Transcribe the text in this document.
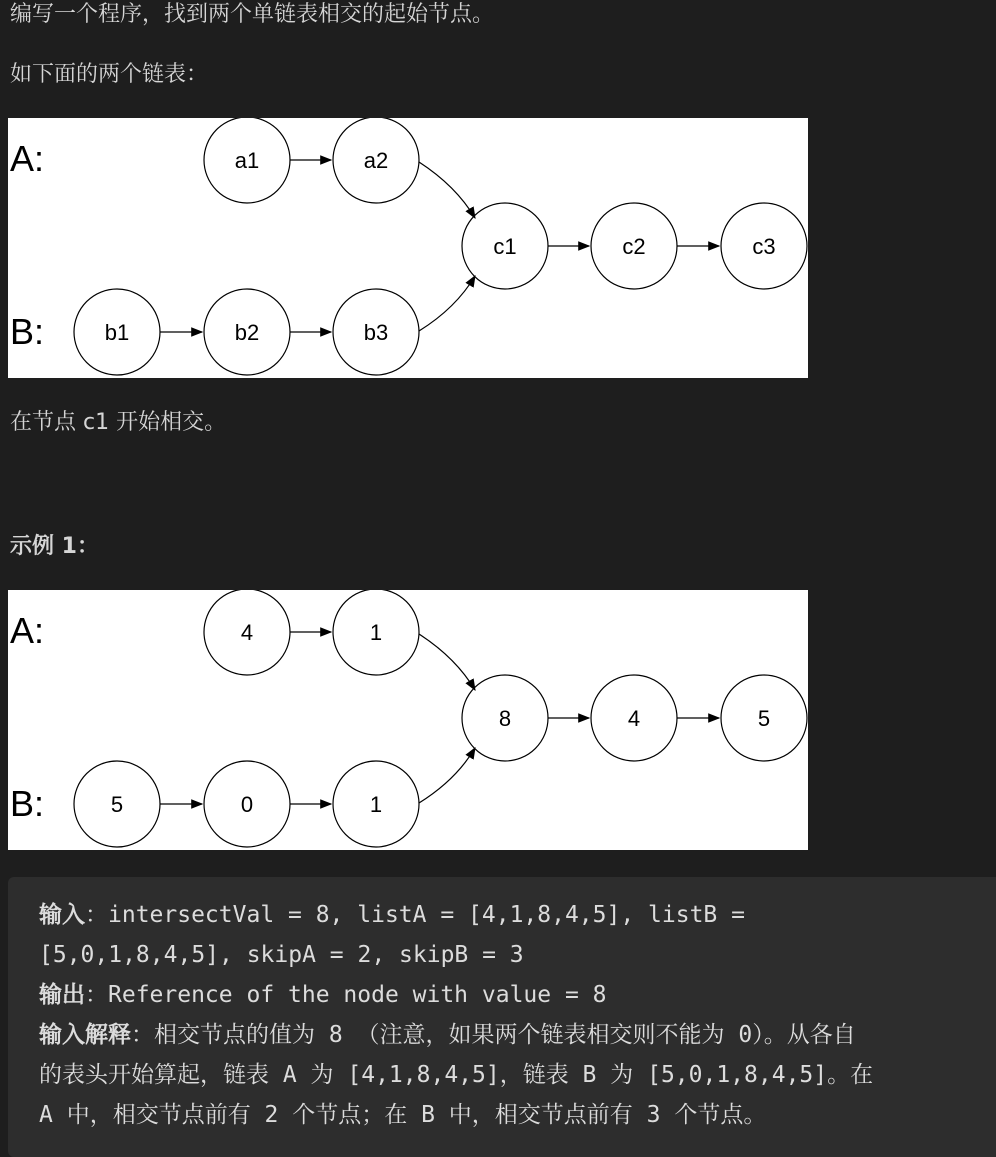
编写一个程序，找到两个单链表相交的起始节点。

如下面的两个链表：

A:
B:
a1	a2
c1	c2	c3
b1	b2	b3

在节点 c1 开始相交。

示例 1：

A:
B:
4	1
8	4	5
5	0	1
输入：intersectVal = 8, listA = [4,1,8,4,5], listB =
[5,0,1,8,4,5], skipA = 2, skipB = 3
输出：Reference of the node with value = 8
输入解释：相交节点的值为 8 （注意，如果两个链表相交则不能为 0）。从各自
的表头开始算起，链表 A 为 [4,1,8,4,5]，链表 B 为 [5,0,1,8,4,5]。在
A 中，相交节点前有 2 个节点；在 B 中，相交节点前有 3 个节点。
